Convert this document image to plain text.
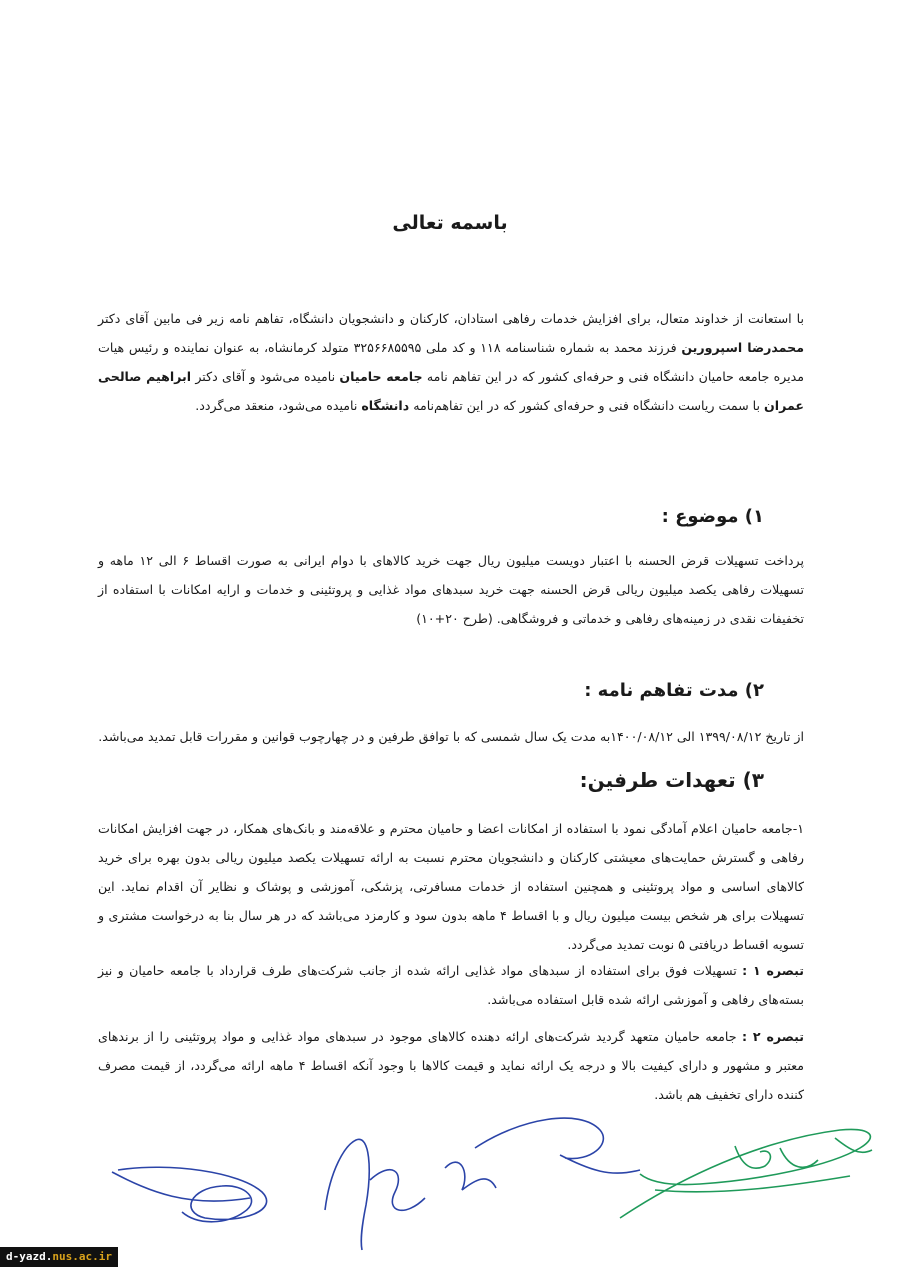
باسمه تعالی
با استعانت از خداوند متعال، برای افزایش خدمات رفاهی استادان، کارکنان و دانشجویان دانشگاه، تفاهم نامه زیر فی مابین آقای دکتر محمدرضا اسپرورین فرزند محمد به شماره شناسنامه ۱۱۸ و کد ملی ۳۲۵۶۶۸۵۵۹۵ متولد کرمانشاه، به عنوان نماینده و رئیس هیات مدیره جامعه حامیان دانشگاه فنی و حرفه‌ای کشور که در این تفاهم نامه جامعه حامیان نامیده می‌شود و آقای دکتر ابراهیم صالحی عمران با سمت ریاست دانشگاه فنی و حرفه‌ای کشور که در این تفاهم‌نامه دانشگاه نامیده می‌شود، منعقد می‌گردد.
۱) موضوع :
پرداخت تسهیلات قرض الحسنه با اعتبار دویست میلیون ریال جهت خرید کالاهای با دوام ایرانی به صورت اقساط ۶ الی ۱۲ ماهه و تسهیلات رفاهی یکصد میلیون ریالی قرض الحسنه جهت خرید سبدهای مواد غذایی و پروتئینی و خدمات و ارایه امکانات با استفاده از تخفیفات نقدی در زمینه‌های رفاهی و خدماتی و فروشگاهی. (طرح ۲۰+۱۰)
۲) مدت تفاهم نامه :
از تاریخ ۱۳۹۹/۰۸/۱۲ الی ۱۴۰۰/۰۸/۱۲به مدت یک سال شمسی که با توافق طرفین و در چهارچوب قوانین و مقررات قابل تمدید می‌باشد.
۳) تعهدات طرفین:
۱-جامعه حامیان اعلام آمادگی نمود با استفاده از امکانات اعضا و حامیان محترم و علاقه‌مند و بانک‌های همکار، در جهت افزایش امکانات رفاهی و گسترش حمایت‌های معیشتی کارکنان و دانشجویان محترم نسبت به ارائه تسهیلات یکصد میلیون ریالی بدون بهره برای خرید کالاهای اساسی و مواد پروتئینی و همچنین استفاده از خدمات مسافرتی، پزشکی، آموزشی و پوشاک و نظایر آن اقدام نماید. این تسهیلات برای هر شخص بیست میلیون ریال و با اقساط ۴ ماهه بدون سود و کارمزد می‌باشد که در هر سال بنا به درخواست مشتری و تسویه اقساط دریافتی ۵ نوبت تمدید می‌گردد.
تبصره ۱ : تسهیلات فوق برای استفاده از سبدهای مواد غذایی ارائه شده از جانب شرکت‌های طرف قرارداد با جامعه حامیان و نیز بسته‌های رفاهی و آموزشی ارائه شده قابل استفاده می‌باشد.
تبصره ۲ : جامعه حامیان متعهد گردید شرکت‌های ارائه دهنده کالاهای موجود در سبدهای مواد غذایی و مواد پروتئینی را از برندهای معتبر و مشهور و دارای کیفیت بالا و درجه یک ارائه نماید و قیمت کالاها با وجود آنکه اقساط ۴ ماهه ارائه می‌گردد، از قیمت مصرف کننده دارای تخفیف هم باشد.
d-yazd.nus.ac.ir
